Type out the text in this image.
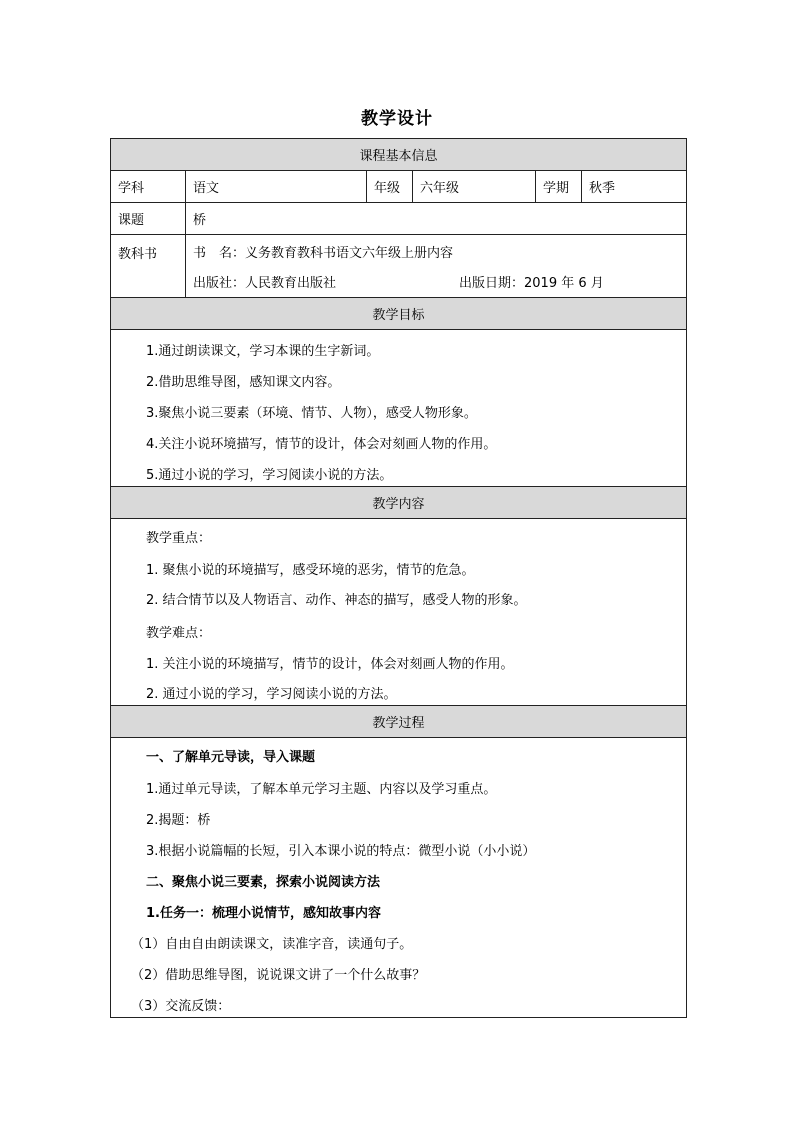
教学设计
课程基本信息
学科	语文	年级	六年级	学期	秋季
课题	桥
教科书	书　名：义务教育教科书语文六年级上册内容
出版社：人民教育出版社	出版日期：2019 年 6 月
教学目标
1.通过朗读课文，学习本课的生字新词。
2.借助思维导图，感知课文内容。
3.聚焦小说三要素（环境、情节、人物），感受人物形象。
4.关注小说环境描写，情节的设计，体会对刻画人物的作用。
5.通过小说的学习，学习阅读小说的方法。
教学内容
教学重点：
1. 聚焦小说的环境描写，感受环境的恶劣，情节的危急。
2. 结合情节以及人物语言、动作、神态的描写，感受人物的形象。
教学难点：
1. 关注小说的环境描写，情节的设计，体会对刻画人物的作用。
2. 通过小说的学习，学习阅读小说的方法。
教学过程
一、了解单元导读，导入课题
1.通过单元导读，了解本单元学习主题、内容以及学习重点。
2.揭题：桥
3.根据小说篇幅的长短，引入本课小说的特点：微型小说（小小说）
二、聚焦小说三要素，探索小说阅读方法
1.任务一：梳理小说情节，感知故事内容
（1）自由自由朗读课文，读准字音，读通句子。
（2）借助思维导图，说说课文讲了一个什么故事？
（3）交流反馈：
